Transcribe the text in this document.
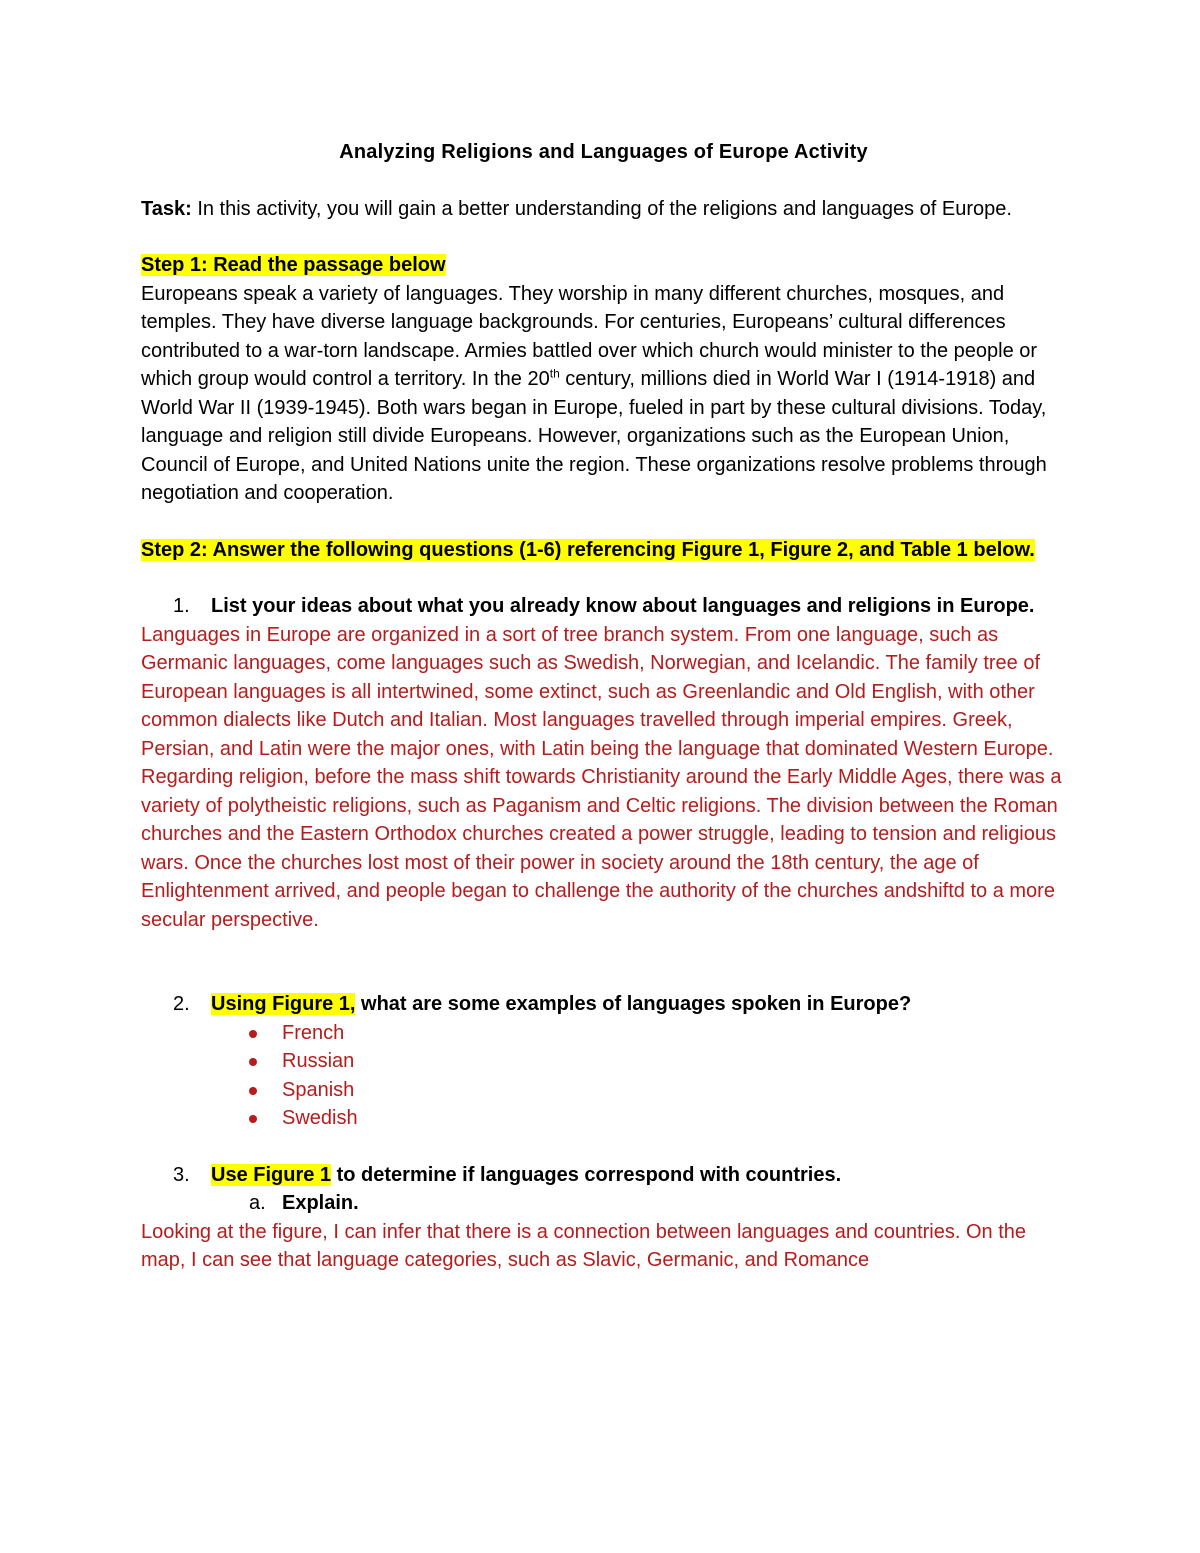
Analyzing Religions and Languages of Europe Activity

Task: In this activity, you will gain a better understanding of the religions and languages of Europe.

Step 1: Read the passage below

Europeans speak a variety of languages. They worship in many different churches, mosques, and temples. They have diverse language backgrounds. For centuries, Europeans’ cultural differences contributed to a war-torn landscape. Armies battled over which church would minister to the people or which group would control a territory. In the 20th century, millions died in World War I (1914-1918) and World War II (1939-1945). Both wars began in Europe, fueled in part by these cultural divisions. Today, language and religion still divide Europeans. However, organizations such as the European Union, Council of Europe, and United Nations unite the region. These organizations resolve problems through negotiation and cooperation.

Step 2: Answer the following questions (1-6) referencing Figure 1, Figure 2, and Table 1 below.

1.	List your ideas about what you already know about languages and religions in Europe.

Languages in Europe are organized in a sort of tree branch system. From one language, such as Germanic languages, come languages such as Swedish, Norwegian, and Icelandic. The family tree of European languages is all intertwined, some extinct, such as Greenlandic and Old English, with other common dialects like Dutch and Italian. Most languages travelled through imperial empires. Greek, Persian, and Latin were the major ones, with Latin being the language that dominated Western Europe. Regarding religion, before the mass shift towards Christianity around the Early Middle Ages, there was a variety of polytheistic religions, such as Paganism and Celtic religions. The division between the Roman churches and the Eastern Orthodox churches created a power struggle, leading to tension and religious wars. Once the churches lost most of their power in society around the 18th century, the age of Enlightenment arrived, and people began to challenge the authority of the churches andshiftd to a more secular perspective.

2.	Using Figure 1, what are some examples of languages spoken in Europe?
French
Russian
Spanish
Swedish
3.	Use Figure 1 to determine if languages correspond with countries.
a. Explain.

Looking at the figure, I can infer that there is a connection between languages and countries. On the map, I can see that language categories, such as Slavic, Germanic, and Romance
